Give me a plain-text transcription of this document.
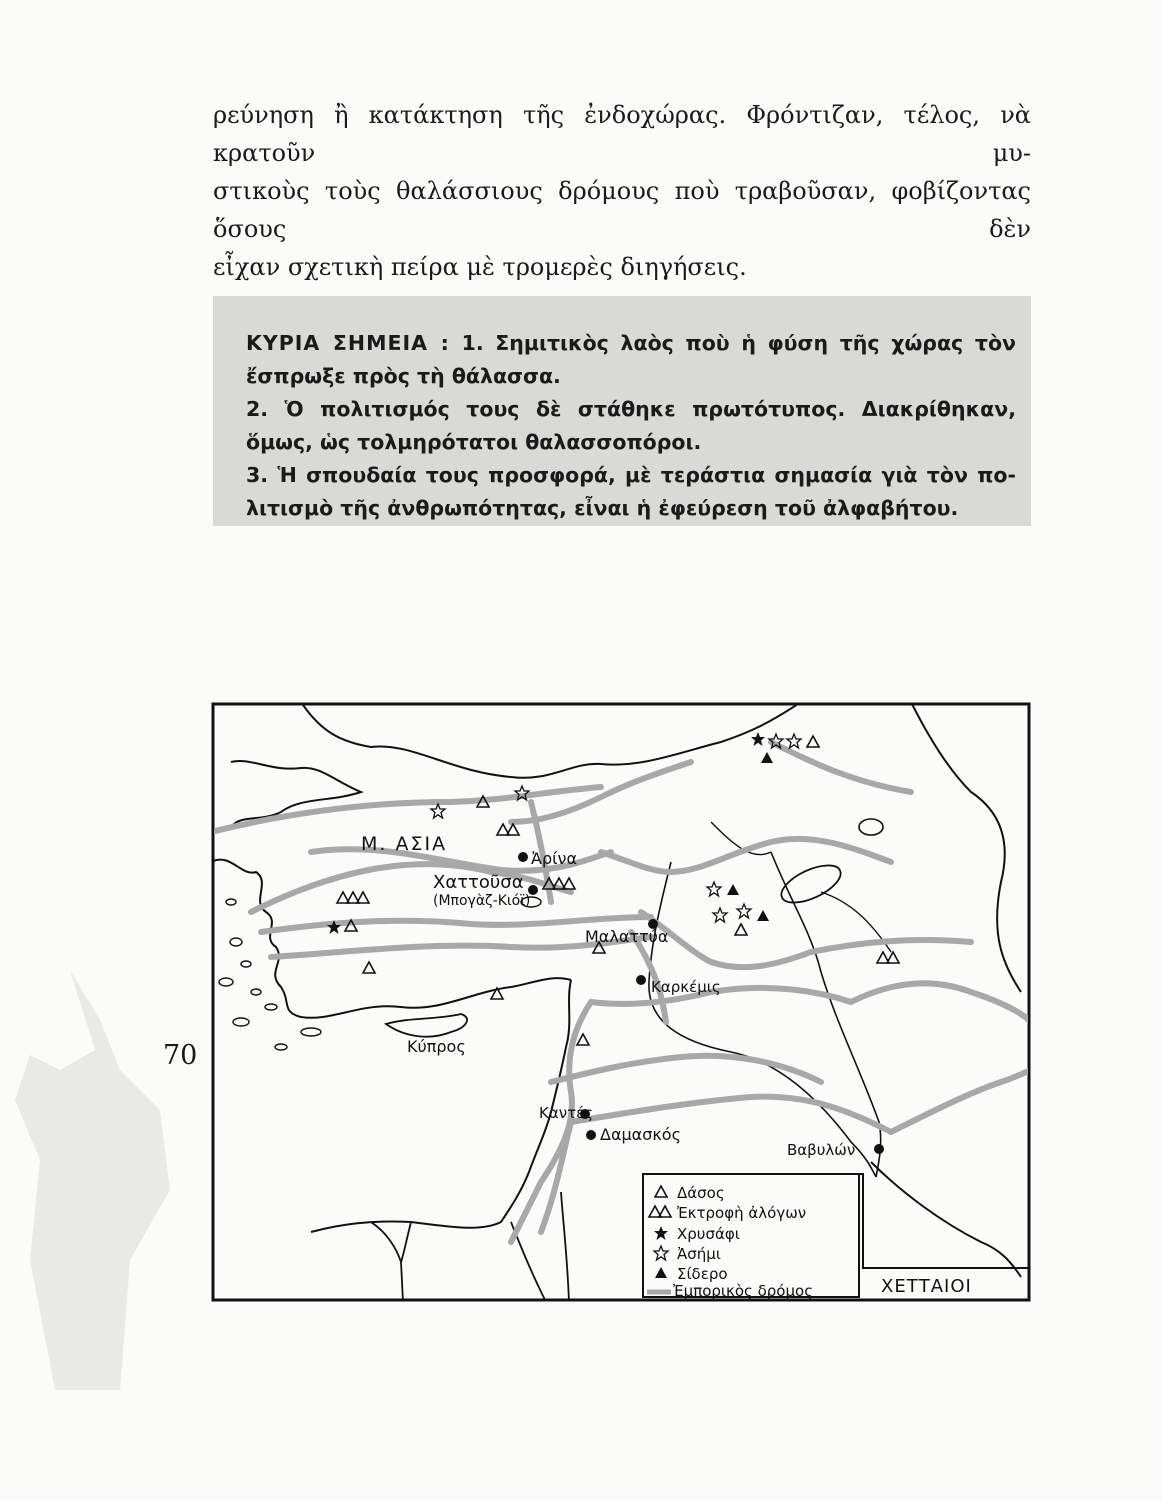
ρεύνηση ἢ κατάκτηση τῆς ἐνδοχώρας. Φρόντιζαν, τέλος, νὰ κρατοῦν μυ-
στικοὺς τοὺς θαλάσσιους δρόμους ποὺ τραβοῦσαν, φοβίζοντας ὅσους δὲν
εἶχαν σχετικὴ πείρα μὲ τρομερὲς διηγήσεις.

ΚΥΡΙΑ ΣΗΜΕΙΑ : 1. Σημιτικὸς λαὸς ποὺ ἡ φύση τῆς χώρας τὸν
ἔσπρωξε πρὸς τὴ θάλασσα.
2. Ὁ πολιτισμός τους δὲ στάθηκε πρωτότυπος. Διακρίθηκαν,
ὅμως, ὡς τολμηρότατοι θαλασσοπόροι.
3. Ἡ σπουδαία τους προσφορά, μὲ τεράστια σημασία γιὰ τὸν πο-
λιτισμὸ τῆς ἀνθρωπότητας, εἶναι ἡ ἐφεύρεση τοῦ ἀλφαβήτου.
Μ. ΑΣΙΑ
Ἀρίνα
Χαττοῦσα
(Μπογὰζ-Κιόϊ)
Μαλαττύα
Καρκέμις
Κύπρος
Καντές
Δαμασκός
Βαβυλών
Δάσος
Ἐκτροφὴ ἀλόγων
Χρυσάφι
Ἀσήμι
Σίδερο
Ἐμπορικὸς δρόμος	ΧΕΤΤΑΙΟΙ
70
